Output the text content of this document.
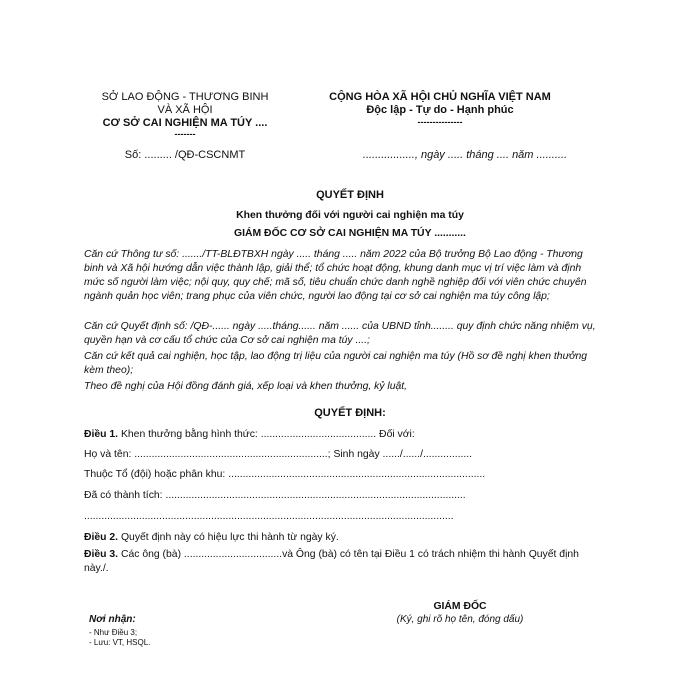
SỞ LAO ĐỘNG - THƯƠNG BINH
VÀ XÃ HỘI
CƠ SỞ CAI NGHIỆN MA TÚY ....
-------
Số: ......... /QĐ-CSCNMT
CỘNG HÒA XÃ HỘI CHỦ NGHĨA VIỆT NAM
Độc lập - Tự do - Hạnh phúc
---------------
................., ngày ..... tháng .... năm ..........
QUYẾT ĐỊNH
Khen thưởng đối với người cai nghiện ma túy
GIÁM ĐỐC CƠ SỞ CAI NGHIỆN MA TÚY ...........
Căn cứ Thông tư số: ......./TT-BLĐTBXH ngày ..... tháng ..... năm 2022 của Bộ trưởng Bộ Lao động - Thương binh và Xã hội hướng dẫn việc thành lập, giải thể; tổ chức hoạt động, khung danh mục vị trí việc làm và định mức số người làm việc; nội quy, quy chế; mã số, tiêu chuẩn chức danh nghề nghiệp đối với viên chức chuyên ngành quản học viên; trang phục của viên chức, người lao động tại cơ sở cai nghiện ma túy công lập;
Căn cứ Quyết định số: /QĐ-...... ngày .....tháng...... năm ...... của UBND tỉnh........ quy định chức năng nhiệm vụ, quyền hạn và cơ cấu tổ chức của Cơ sở cai nghiện ma túy ....;
Căn cứ kết quả cai nghiện, học tập, lao động trị liệu của người cai nghiện ma túy (Hồ sơ đề nghị khen thưởng kèm theo);
Theo đề nghị của Hội đồng đánh giá, xếp loại và khen thưởng, kỷ luật,
QUYẾT ĐỊNH:
Điều 1. Khen thưởng bằng hình thức: ........................................ Đối với:
Họ và tên: ...................................................................; Sinh ngày ....../....../.................
Thuộc Tổ (đội) hoặc phân khu: .........................................................................................
Đã có thành tích: ........................................................................................................
................................................................................................................................
Điều 2. Quyết định này có hiệu lực thi hành từ ngày ký.
Điều 3. Các ông (bà) ..................................và Ông (bà) có tên tại Điều 1 có trách nhiệm thi hành Quyết định này./.
Nơi nhận:
- Như Điều 3;
- Lưu: VT, HSQL.
GIÁM ĐỐC
(Ký, ghi rõ họ tên, đóng dấu)
